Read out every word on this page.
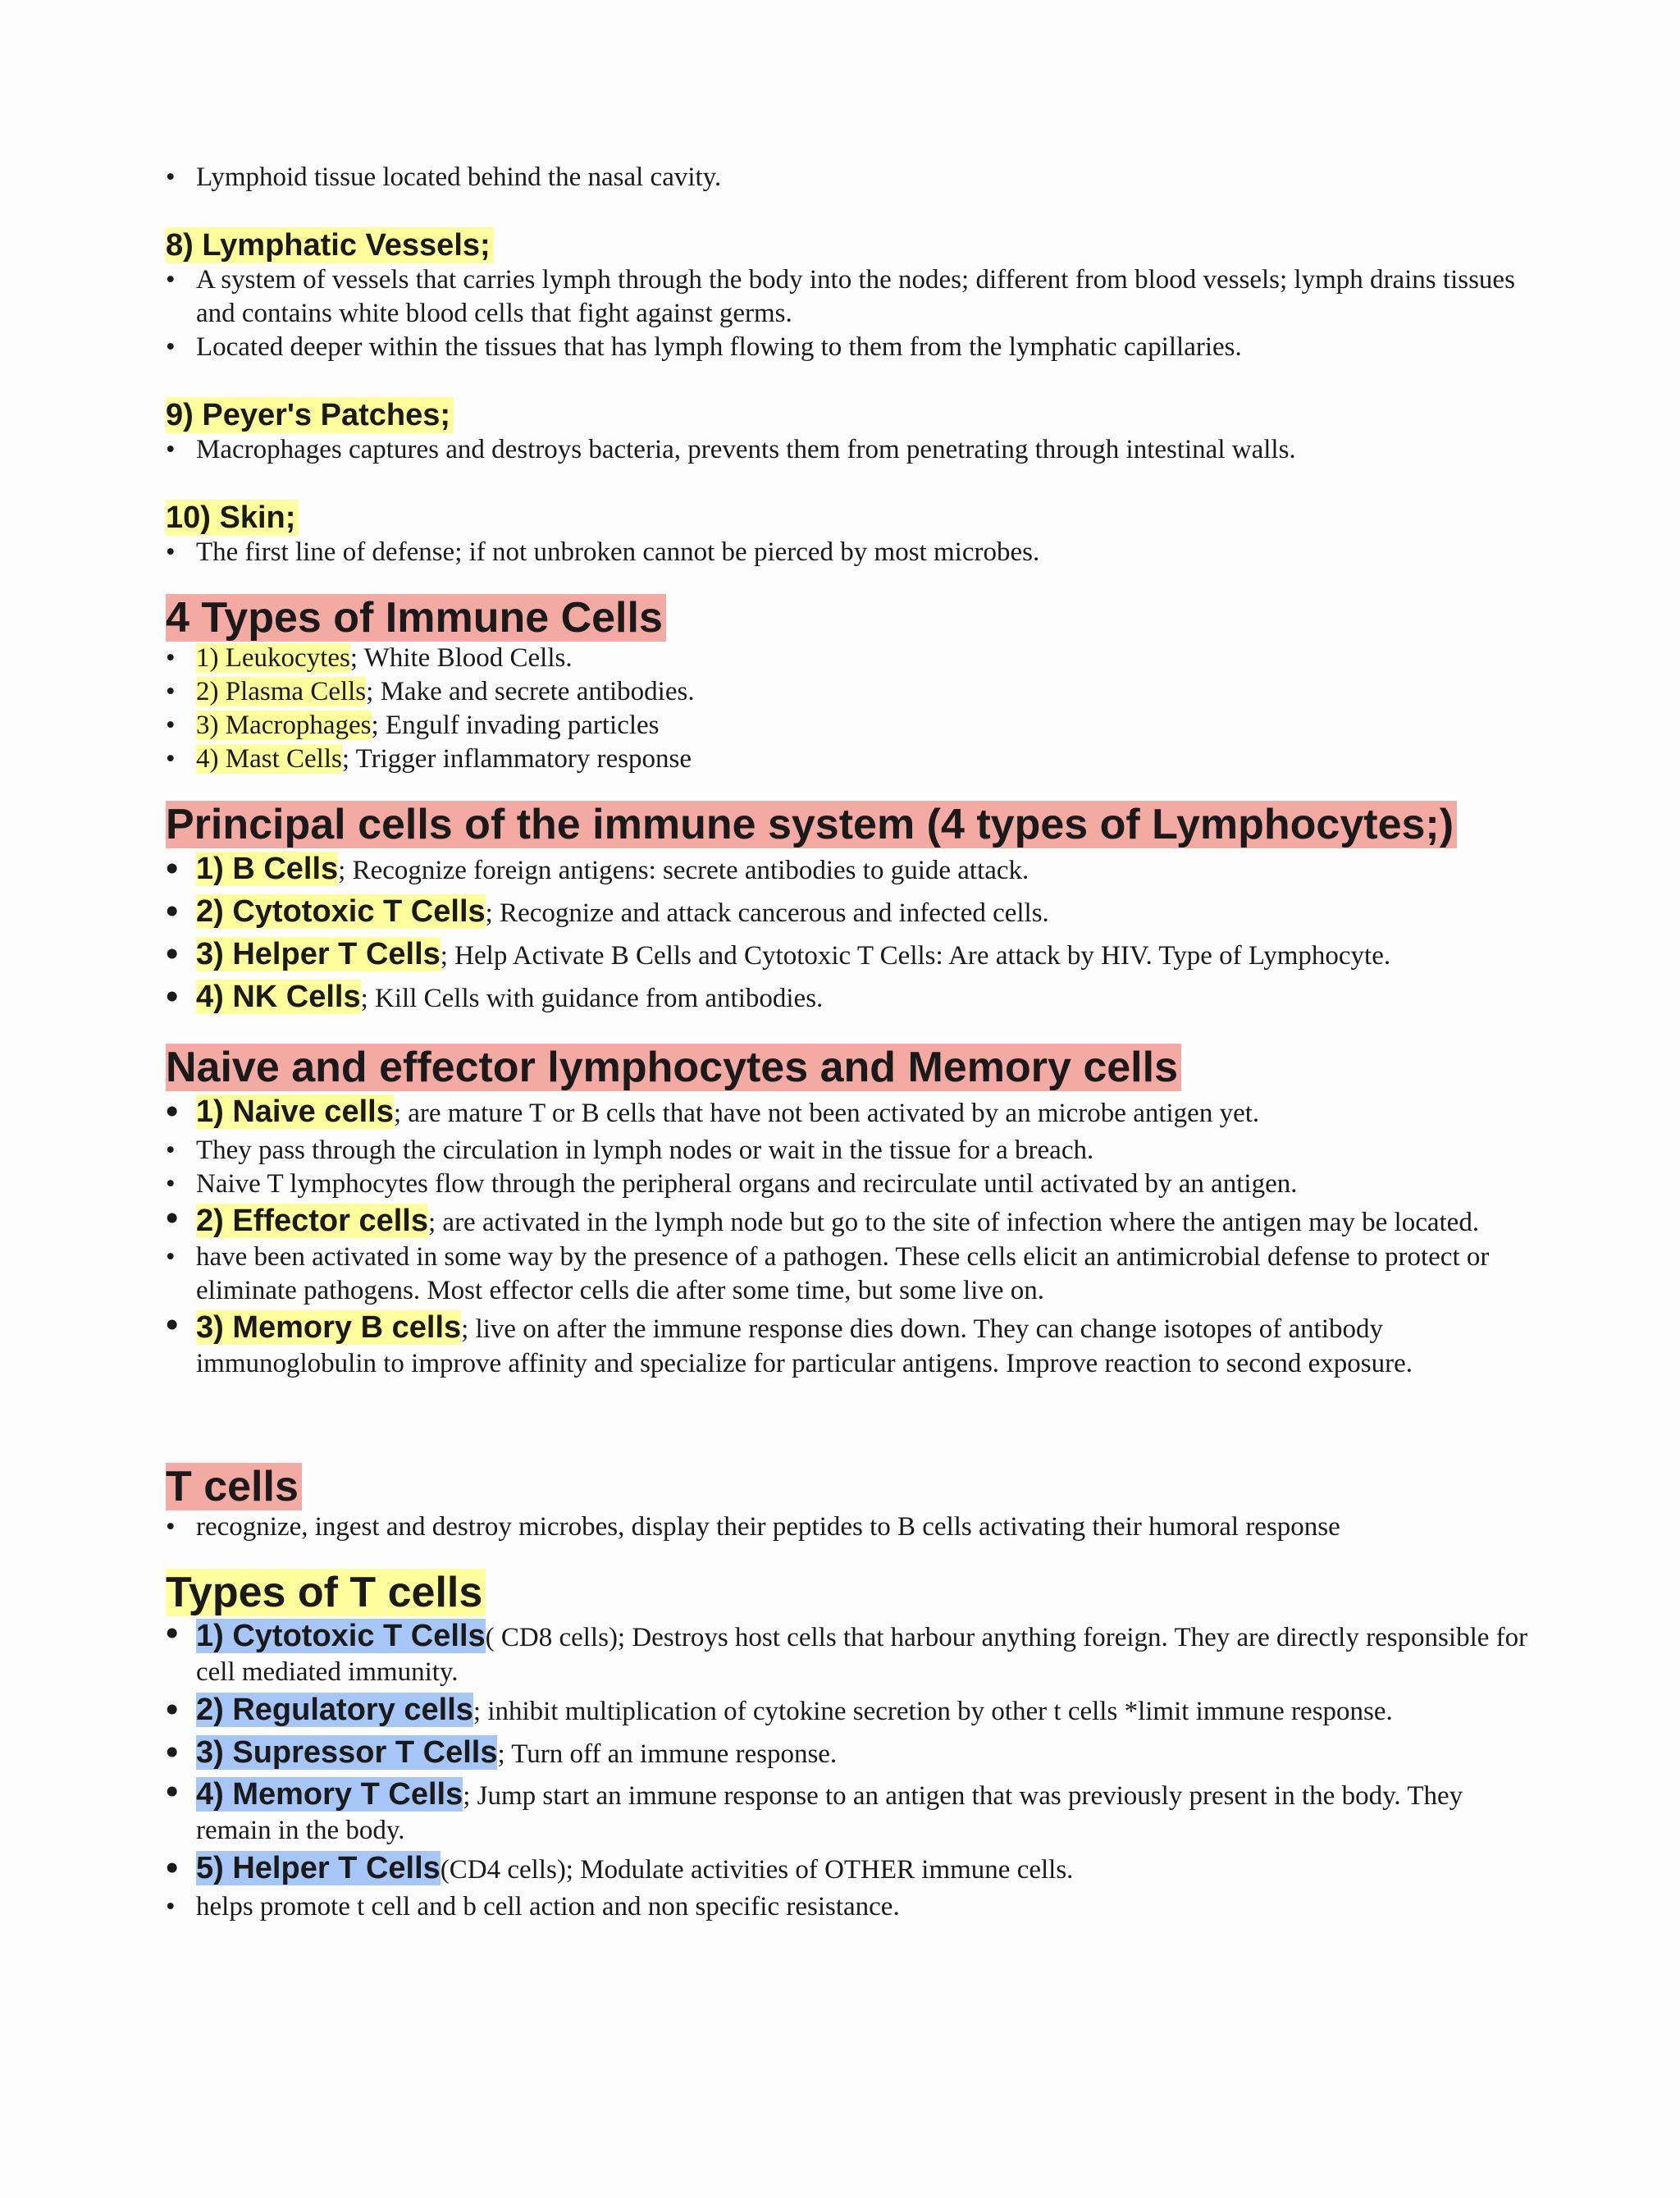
• Lymphoid tissue located behind the nasal cavity.
8) Lymphatic Vessels;
• A system of vessels that carries lymph through the body into the nodes; different from blood vessels; lymph drains tissues and contains white blood cells that fight against germs.
• Located deeper within the tissues that has lymph flowing to them from the lymphatic capillaries.
9) Peyer's Patches;
• Macrophages captures and destroys bacteria, prevents them from penetrating through intestinal walls.
10) Skin;
• The first line of defense; if not unbroken cannot be pierced by most microbes.
4 Types of Immune Cells
• 1) Leukocytes; White Blood Cells.
• 2) Plasma Cells; Make and secrete antibodies.
• 3) Macrophages; Engulf invading particles
• 4) Mast Cells; Trigger inflammatory response
Principal cells of the immune system (4 types of Lymphocytes;)
• 1) B Cells; Recognize foreign antigens: secrete antibodies to guide attack.
• 2) Cytotoxic T Cells; Recognize and attack cancerous and infected cells.
• 3) Helper T Cells; Help Activate B Cells and Cytotoxic T Cells: Are attack by HIV. Type of Lymphocyte.
• 4) NK Cells; Kill Cells with guidance from antibodies.
Naive and effector lymphocytes and Memory cells
• 1) Naive cells; are mature T or B cells that have not been activated by an microbe antigen yet.
• They pass through the circulation in lymph nodes or wait in the tissue for a breach.
• Naive T lymphocytes flow through the peripheral organs and recirculate until activated by an antigen.
• 2) Effector cells; are activated in the lymph node but go to the site of infection where the antigen may be located.
• have been activated in some way by the presence of a pathogen. These cells elicit an antimicrobial defense to protect or eliminate pathogens. Most effector cells die after some time, but some live on.
• 3) Memory B cells; live on after the immune response dies down. They can change isotopes of antibody immunoglobulin to improve affinity and specialize for particular antigens. Improve reaction to second exposure.
T cells
• recognize, ingest and destroy microbes, display their peptides to B cells activating their humoral response
Types of T cells
• 1) Cytotoxic T Cells( CD8 cells); Destroys host cells that harbour anything foreign. They are directly responsible for cell mediated immunity.
• 2) Regulatory cells; inhibit multiplication of cytokine secretion by other t cells *limit immune response.
• 3) Supressor T Cells; Turn off an immune response.
• 4) Memory T Cells; Jump start an immune response to an antigen that was previously present in the body. They remain in the body.
• 5) Helper T Cells(CD4 cells); Modulate activities of OTHER immune cells.
• helps promote t cell and b cell action and non specific resistance.
